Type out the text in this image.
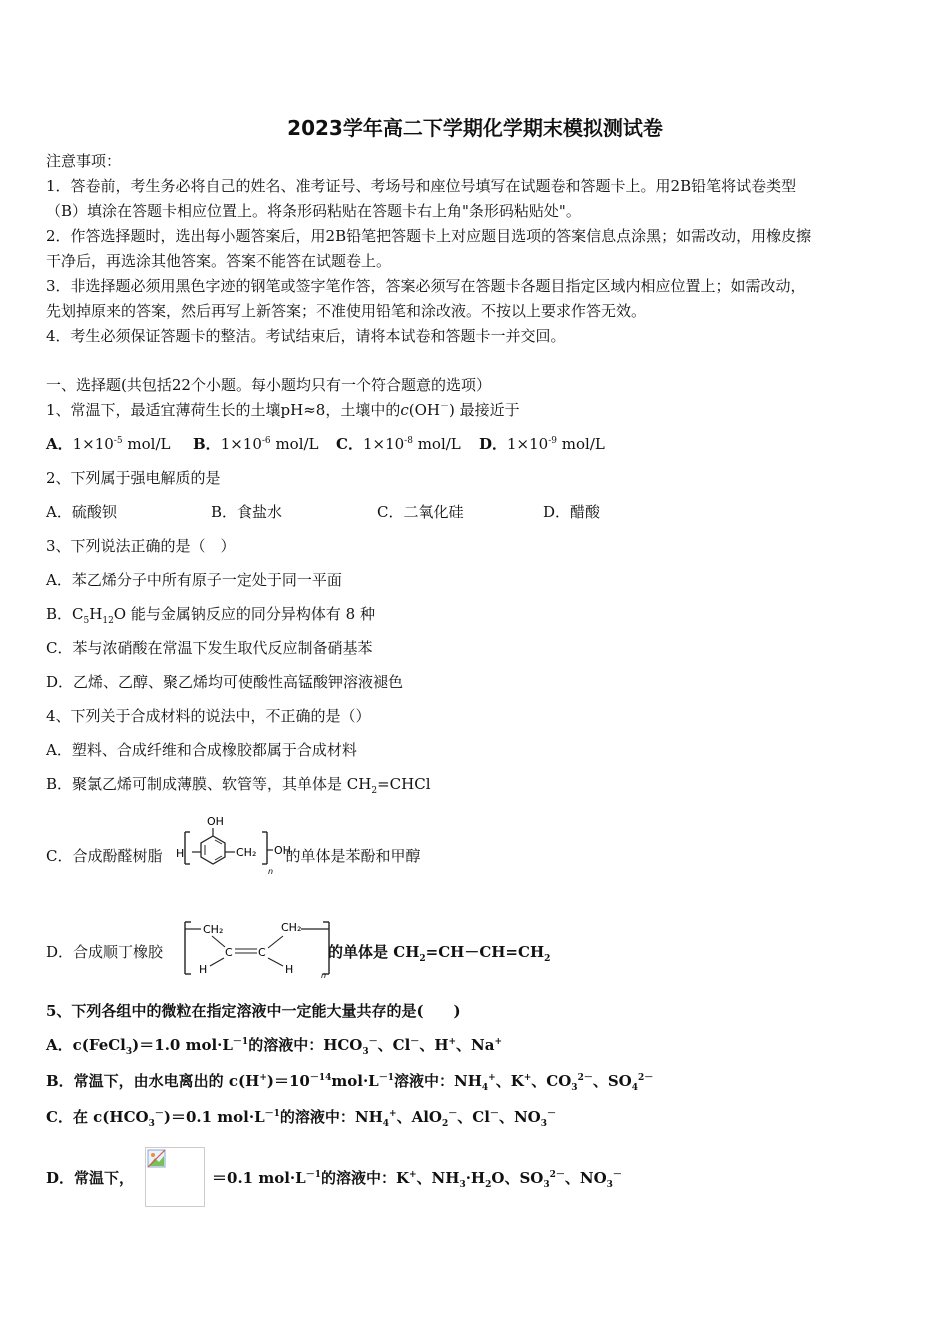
2023学年高二下学期化学期末模拟测试卷
注意事项：
1．答卷前，考生务必将自己的姓名、准考证号、考场号和座位号填写在试题卷和答题卡上。用2B铅笔将试卷类型
（B）填涂在答题卡相应位置上。将条形码粘贴在答题卡右上角"条形码粘贴处"。
2．作答选择题时，选出每小题答案后，用2B铅笔把答题卡上对应题目选项的答案信息点涂黑；如需改动，用橡皮擦
干净后，再选涂其他答案。答案不能答在试题卷上。
3．非选择题必须用黑色字迹的钢笔或签字笔作答，答案必须写在答题卡各题目指定区域内相应位置上；如需改动，
先划掉原来的答案，然后再写上新答案；不准使用铅笔和涂改液。不按以上要求作答无效。
4．考生必须保证答题卡的整洁。考试结束后，请将本试卷和答题卡一并交回。
一、选择题(共包括22个小题。每小题均只有一个符合题意的选项）
1、常温下，最适宜薄荷生长的土壤pH≈8，土壤中的c(OH－) 最接近于
A．$1\times 10^{-5}$ mol/L B．$1\times 10^{-6}$ mol/L C．$1\times 10^{-8}$ mol/L D．$1\times 10^{-9}$ mol/L
2、下列属于强电解质的是
A．硫酸钡	B．食盐水	C．二氧化硅	D．醋酸
3、下列说法正确的是（　）
A．苯乙烯分子中所有原子一定处于同一平面
B．$C_5H_{12}O$ 能与金属钠反应的同分异构体有 8 种
C．苯与浓硝酸在常温下发生取代反应制备硝基苯
D．乙烯、乙醇、聚乙烯均可使酸性高锰酸钾溶液褪色
4、下列关于合成材料的说法中，不正确的是（）
A．塑料、合成纤维和合成橡胶都属于合成材料
B．聚氯乙烯可制成薄膜、软管等，其单体是 $CH_2=CHCl$
C．合成酚醛树脂	的单体是苯酚和甲醇
OH
H	CH₂ OH
n
D．合成顺丁橡胶	的单体是 $CH_2=CH-CH=CH_2$
CH₂
C C
H
CH₂
H	n
5、下列各组中的微粒在指定溶液中一定能大量共存的是(　　)
A．c(FeCl$_3$)＝1.0 $mol\cdot L^{-1}$的溶液中：$HCO_3^-$、Cl－、H+、Na+
B．常温下，由水电离出的 $c(H^+)=10^{-14}mol\cdot L^{-1}$溶液中：$NH_4^+$、K+、$CO_3^{2-}$、$SO_4^{2-}$
C．在 $c(HCO_3^-)=0.1$ $mol\cdot L^{-1}$的溶液中：$NH_4^+$、AlO$_2$－、Cl－、$NO_3^-$
D．常温下，	＝0.1 $mol\cdot L^{-1}$的溶液中：K+、$NH_3\cdot H_2O$、$SO_3^{2-}$、$NO_3^-$
